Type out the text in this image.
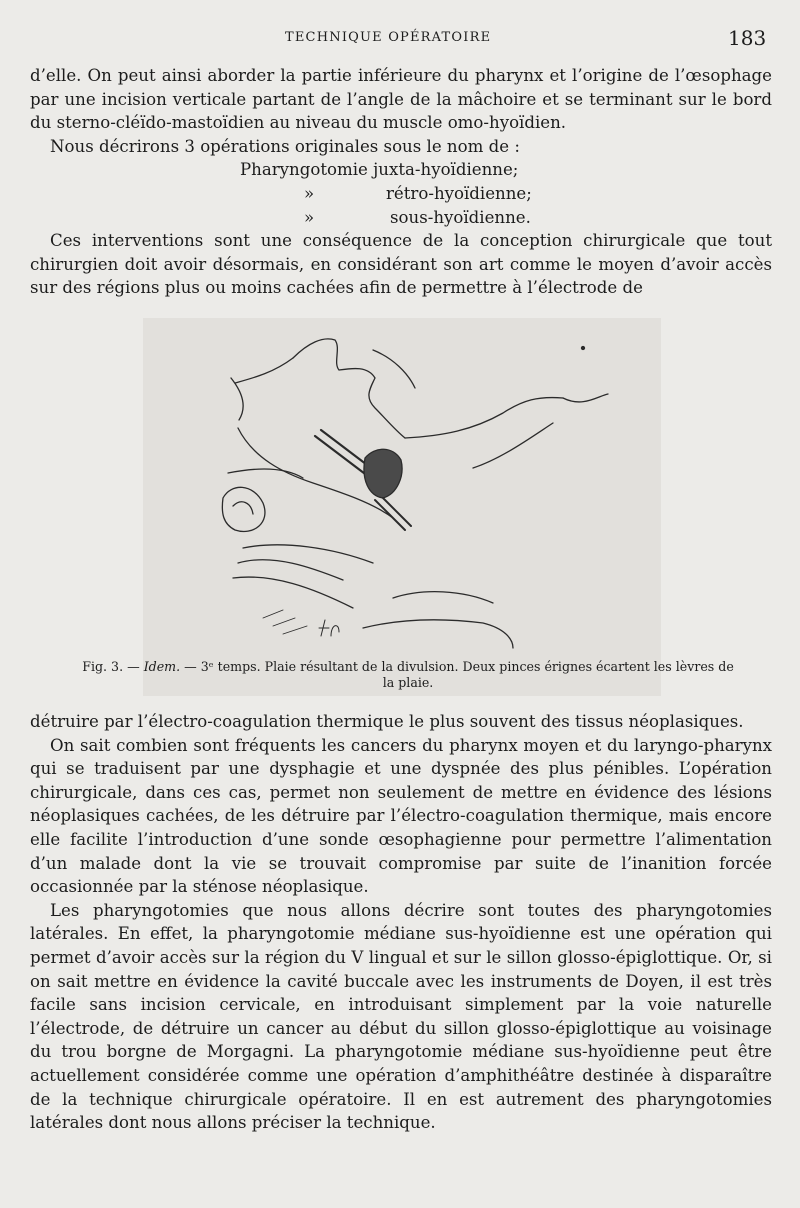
TECHNIQUE OPÉRATOIRE	183

d’elle. On peut ainsi aborder la partie inférieure du pharynx et l’origine de l’œsophage par une incision verticale partant de l’angle de la mâchoire et se terminant sur le bord du sterno-cléïdo-mastoïdien au niveau du muscle omo-hyoïdien.

Nous décrirons 3 opérations originales sous le nom de :

Pharyngotomie juxta-hyoïdienne;
»	rétro-hyoïdienne;
»	sous-hyoïdienne.

Ces interventions sont une conséquence de la conception chirurgicale que tout chirurgien doit avoir désormais, en considérant son art comme le moyen d’avoir accès sur des régions plus ou moins cachées afin de permettre à l’électrode de

Fig. 3. — Idem. — 3ᵉ temps. Plaie résultant de la divulsion. Deux pinces érignes écartent les lèvres de la plaie.

détruire par l’électro-coagulation thermique le plus souvent des tissus néoplasiques.

On sait combien sont fréquents les cancers du pharynx moyen et du laryngo-pharynx qui se traduisent par une dysphagie et une dyspnée des plus pénibles. L’opération chirurgicale, dans ces cas, permet non seulement de mettre en évidence des lésions néoplasiques cachées, de les détruire par l’électro-coagulation thermique, mais encore elle facilite l’introduction d’une sonde œsophagienne pour permettre l’alimentation d’un malade dont la vie se trouvait compromise par suite de l’inanition forcée occasionnée par la sténose néoplasique.

Les pharyngotomies que nous allons décrire sont toutes des pharyngotomies latérales. En effet, la pharyngotomie médiane sus-hyoïdienne est une opération qui permet d’avoir accès sur la région du V lingual et sur le sillon glosso-épiglottique. Or, si on sait mettre en évidence la cavité buccale avec les instruments de Doyen, il est très facile sans incision cervicale, en introduisant simplement par la voie naturelle l’électrode, de détruire un cancer au début du sillon glosso-épiglottique au voisinage du trou borgne de Morgagni. La pharyngotomie médiane sus-hyoïdienne peut être actuellement considérée comme une opération d’amphithéâtre destinée à disparaître de la technique chirurgicale opératoire. Il en est autrement des pharyngotomies latérales dont nous allons préciser la technique.
